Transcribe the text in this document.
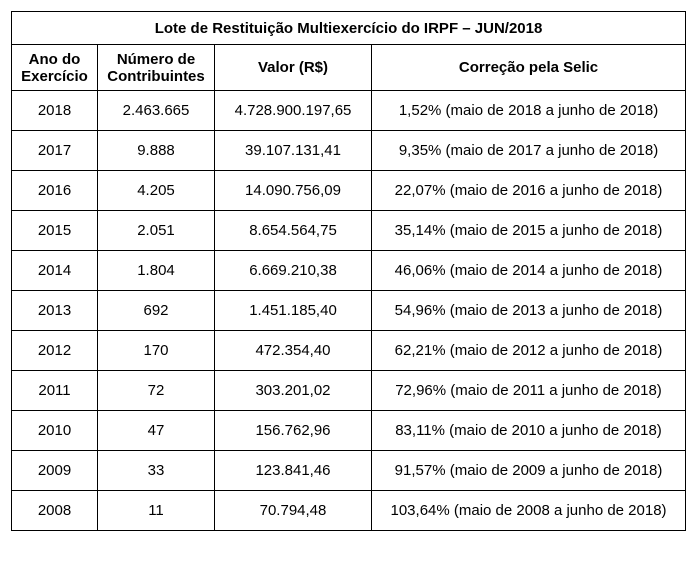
Lote de Restituição Multiexercício do IRPF – JUN/2018			
Ano do Exercício	Número de Contribuintes	Valor (R$)	Correção pela Selic
2018	2.463.665	4.728.900.197,65	1,52% (maio de 2018 a junho de 2018)
2017	9.888	39.107.131,41	9,35% (maio de 2017 a junho de 2018)
2016	4.205	14.090.756,09	22,07% (maio de 2016 a junho de 2018)
2015	2.051	8.654.564,75	35,14% (maio de 2015 a junho de 2018)
2014	1.804	6.669.210,38	46,06% (maio de 2014 a junho de 2018)
2013	692	1.451.185,40	54,96% (maio de 2013 a junho de 2018)
2012	170	472.354,40	62,21% (maio de 2012 a junho de 2018)
2011	72	303.201,02	72,96% (maio de 2011 a junho de 2018)
2010	47	156.762,96	83,11% (maio de 2010 a junho de 2018)
2009	33	123.841,46	91,57% (maio de 2009 a junho de 2018)
2008	11	70.794,48	103,64% (maio de 2008 a junho de 2018)
